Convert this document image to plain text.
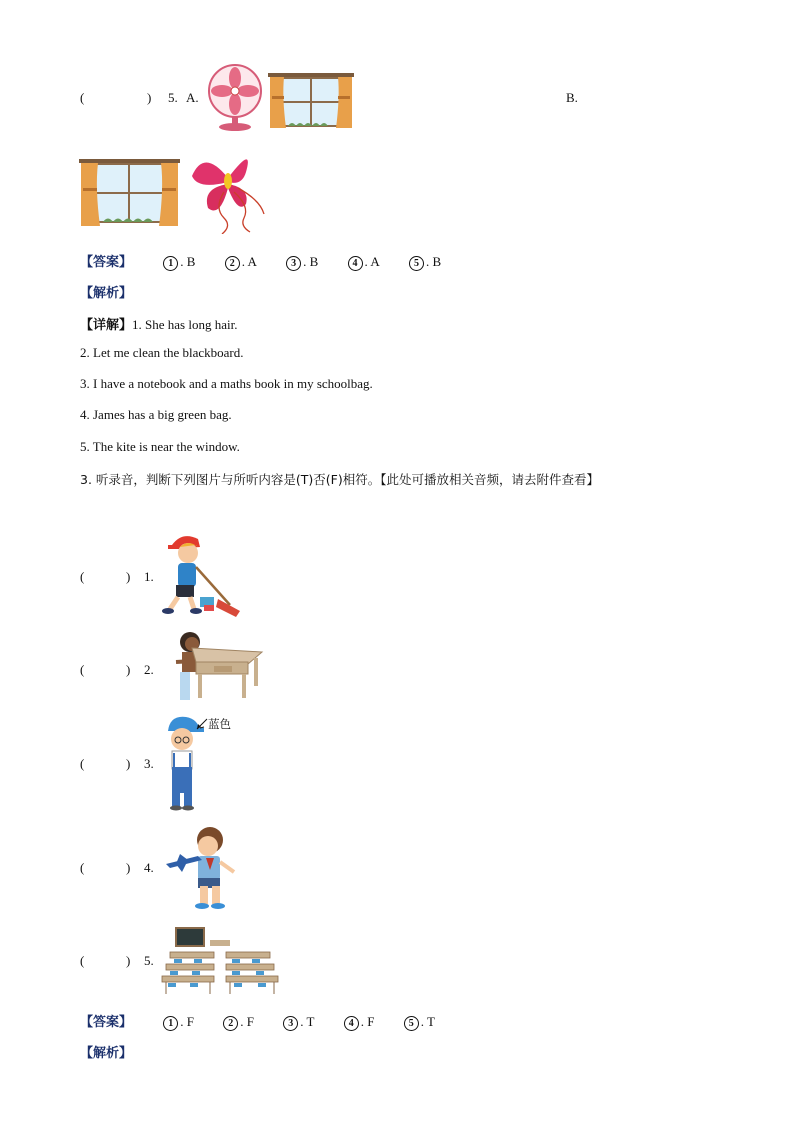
(	) 5. A.	B.
【答案】	1 . B	2 . A	3 . B	4 . A	5 . B
【解析】
【详解】1. She has long hair.
2. Let me clean the blackboard.
3. I have a notebook and a maths book in my schoolbag.
4. James has a big green bag.
5. The kite is near the window.
3. 听录音，判断下列图片与所听内容是(T)否(F)相符。【此处可播放相关音频，请去附件查看】
(	) 1.
(	) 2.
(	) 3.
蓝色
(	) 4.
(	) 5.
【答案】	1 . F	2 . F	3 . T	4 . F	5 . T
【解析】
